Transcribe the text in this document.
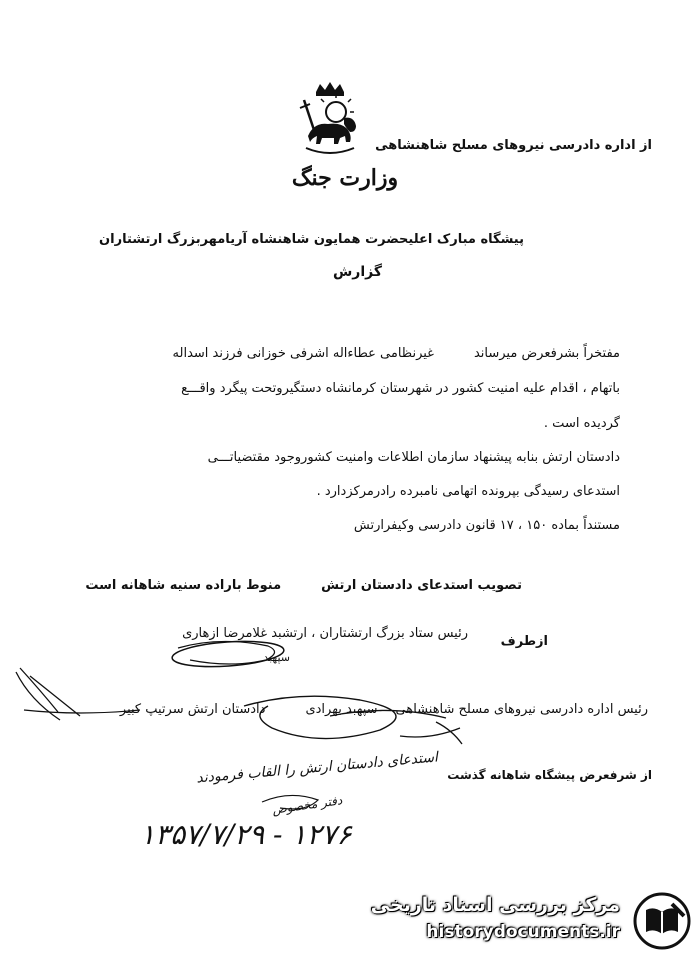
از اداره دادرسی نیروهای مسلح شاهنشاهی
وزارت جنگ
پیشگاه مبارک اعلیحضرت همایون شاهنشاه آریامهربزرگ ارتشتاران
گزارش
مفتخراً بشرفعرض میرساندغیرنظامی عطاءاله اشرفی خوزانی فرزند اسداله
باتهام ، اقدام علیه امنیت کشور در شهرستان کرمانشاه دستگیروتحت پیگرد واقـــع
گردیده است .
دادستان ارتش بنابه پیشنهاد سازمان اطلاعات وامنیت کشوروجود مقتضیاتـــی
استدعای رسیدگی بپرونده اتهامی نامبرده رادرمرکزدارد .
مستنداً بماده ۱۵۰ ، ۱۷ قانون دادرسی وکیفرارتش
تصویب استدعای دادستان ارتشمنوط باراده سنیه شاهانه است
ازطرف
رئیس ستاد بزرگ ارتشتاران ، ارتشبد غلامرضا ازهاری
سپهبد
رئیس اداره دادرسی نیروهای مسلح شاهنشاهیسپهبد بهرادیدادستان ارتش سرتیپ کبیر
از شرفعرض پیشگاه شاهانه گذشت
استدعای دادستان ارتش را القاب فرمودند
دفتر مخصوص
۱۳۵۷/۷/۲۹ - ۱۲۷۶
مرکز بررسی اسناد تاریخی
historydocuments.ir
